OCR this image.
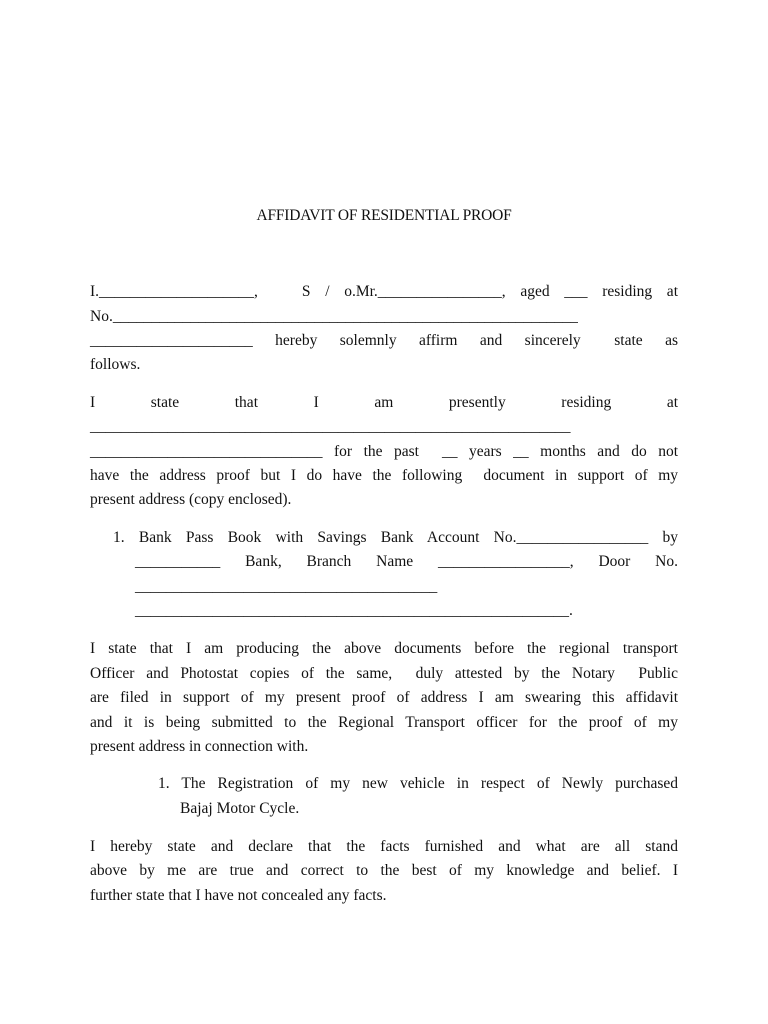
AFFIDAVIT OF RESIDENTIAL PROOF
I.____________________,   S / o.Mr.________________, aged ___ residing at
No.____________________________________________________________
_____________________  hereby  solemnly  affirm  and  sincerely   state  as
follows.
I        state        that        I        am        presently        residing        at
______________________________________________________________
______________________________ for the past  __ years __ months and do not
have the address proof but I do have the following  document in support of my
present address (copy enclosed).
1. Bank Pass Book with Savings Bank Account No._________________ by
___________  Bank,  Branch  Name  _________________,  Door  No.
_______________________________________
________________________________________________________.
I state that I am producing the above documents before the regional transport
Officer and Photostat copies of the same,  duly attested by the Notary  Public
are filed in support of my present proof of address I am swearing this affidavit
and it is being submitted to the Regional Transport officer for the proof of my
present address in connection with.
1. The Registration of my new vehicle in respect of Newly purchased
Bajaj Motor Cycle.
I hereby state and declare that the facts furnished and what are all stand
above by me are true and correct to the best of my knowledge and belief. I
further state that I have not concealed any facts.
